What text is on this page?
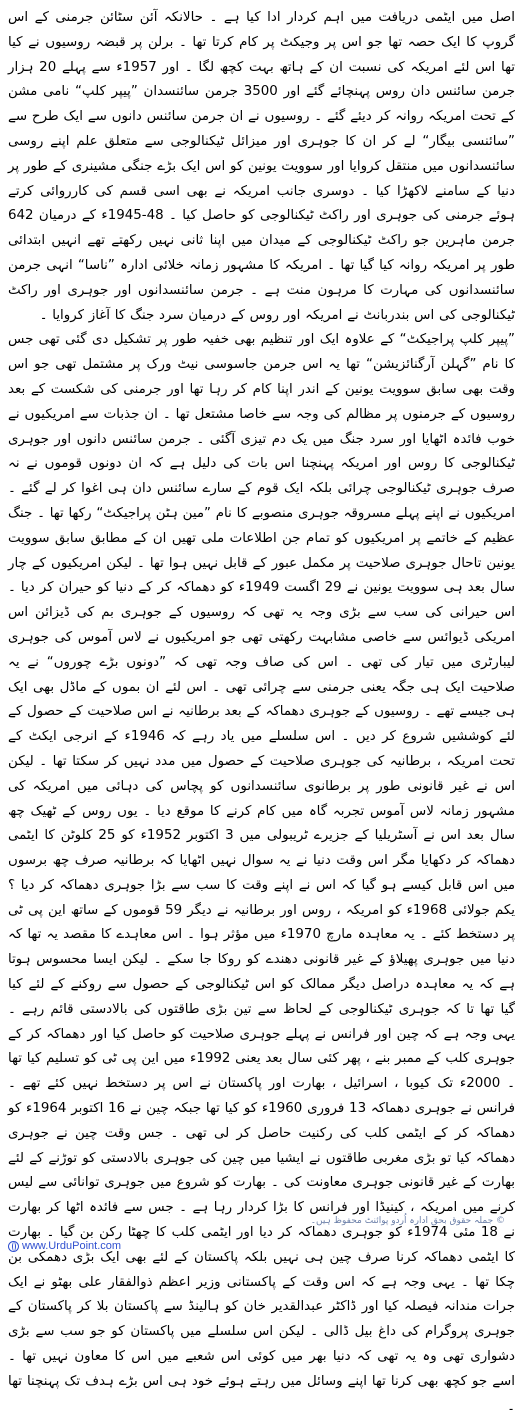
اصل میں ایٹمی دریافت میں اہم کردار ادا کیا ہے ۔ حالانکہ آئن سٹائن جرمنی کے اس گروپ کا ایک حصہ تھا جو اس پر وجیکٹ پر کام کرتا تھا ۔ برلن پر قبضہ روسیوں نے کیا تھا اس لئے امریکہ کی نسبت ان کے ہاتھ بہت کچھ لگا ۔ اور 1957ء سے پہلے 20 ہزار جرمن سائنس دان روس پہنچائے گئے اور 3500 جرمن سائنسدان ”پیپر کلپ“ نامی مشن کے تحت امریکہ روانہ کر دیئے گئے ۔ روسیوں نے ان جرمن سائنس دانوں سے ایک طرح سے ”سائنسی بیگار“ لے کر ان کا جوہری اور میزائل ٹیکنالوجی سے متعلق علم اپنے روسی سائنسدانوں میں منتقل کروایا اور سوویت یونین کو اس ایک بڑے جنگی مشینری کے طور پر دنیا کے سامنے لاکھڑا کیا ۔ دوسری جانب امریکہ نے بھی اسی قسم کی کارروائی کرتے ہوئے جرمنی کی جوہری اور راکٹ ٹیکنالوجی کو حاصل کیا ۔ 48-1945ء کے درمیان 642 جرمن ماہرین جو راکٹ ٹیکنالوجی کے میدان میں اپنا ثانی نہیں رکھتے تھے انہیں ابتدائی طور پر امریکہ روانہ کیا گیا تھا ۔ امریکہ کا مشہور زمانہ خلائی ادارہ ”ناسا“ انہی جرمن سائنسدانوں کی مہارت کا مرہون منت ہے ۔ جرمن سائنسدانوں اور جوہری اور راکٹ ٹیکنالوجی کی اس بندربانٹ نے امریکہ اور روس کے درمیان سرد جنگ کا آغاز کروایا ۔

”پیپر کلپ پراجیکٹ“ کے علاوہ ایک اور تنظیم بھی خفیہ طور پر تشکیل دی گئی تھی جس کا نام ”گہلن آرگنائزیشن“ تھا یہ اس جرمن جاسوسی نیٹ ورک پر مشتمل تھی جو اس وقت بھی سابق سوویت یونین کے اندر اپنا کام کر رہا تھا اور جرمنی کی شکست کے بعد روسیوں کے جرمنوں پر مظالم کی وجہ سے خاصا مشتعل تھا ۔ ان جذبات سے امریکیوں نے خوب فائدہ اٹھایا اور سرد جنگ میں یک دم تیزی آگئی ۔ جرمن سائنس دانوں اور جوہری ٹیکنالوجی کا روس اور امریکہ پہنچنا اس بات کی دلیل ہے کہ ان دونوں قوموں نے نہ صرف جوہری ٹیکنالوجی چرائی بلکہ ایک قوم کے سارے سائنس دان ہی اغوا کر لے گئے ۔ امریکیوں نے اپنے پہلے مسروقہ جوہری منصوبے کا نام ”مین ہٹن پراجیکٹ“ رکھا تھا ۔ جنگ عظیم کے خاتمے پر امریکیوں کو تمام جن اطلاعات ملی تھیں ان کے مطابق سابق سوویت یونین تاحال جوہری صلاحیت پر مکمل عبور کے قابل نہیں ہوا تھا ۔ لیکن امریکیوں کے چار سال بعد ہی سوویت یونین نے 29 اگست 1949ء کو دھماکہ کر کے دنیا کو حیران کر دیا ۔ اس حیرانی کی سب سے بڑی وجہ یہ تھی کہ روسیوں کے جوہری بم کی ڈیزائن اس امریکی ڈیوائس سے خاصی مشابہت رکھتی تھی جو امریکیوں نے لاس آموس کی جوہری لیبارٹری میں تیار کی تھی ۔ اس کی صاف وجہ تھی کہ ”دونوں بڑے چوروں“ نے یہ صلاحیت ایک ہی جگہ یعنی جرمنی سے چرائی تھی ۔ اس لئے ان بموں کے ماڈل بھی ایک ہی جیسے تھے ۔ روسیوں کے جوہری دھماکہ کے بعد برطانیہ نے اس صلاحیت کے حصول کے لئے کوششیں شروع کر دیں ۔ اس سلسلے میں یاد رہے کہ 1946ء کے انرجی ایکٹ کے تحت امریکہ ، برطانیہ کی جوہری صلاحیت کے حصول میں مدد نہیں کر سکتا تھا ۔ لیکن اس نے غیر قانونی طور پر برطانوی سائنسدانوں کو پچاس کی دہائی میں امریکہ کی مشہور زمانہ لاس آموس تجربہ گاہ میں کام کرنے کا موقع دیا ۔ یوں روس کے ٹھیک چھ سال بعد اس نے آسٹریلیا کے جزیرے ٹریبولی میں 3 اکتوبر 1952ء کو 25 کلوٹن کا ایٹمی دھماکہ کر دکھایا مگر اس وقت دنیا نے یہ سوال نہیں اٹھایا کہ برطانیہ صرف چھ برسوں میں اس قابل کیسے ہو گیا کہ اس نے اپنے وقت کا سب سے بڑا جوہری دھماکہ کر دیا ؟ یکم جولائی 1968ء کو امریکہ ، روس اور برطانیہ نے دیگر 59 قوموں کے ساتھ این پی ٹی پر دستخط کئے ۔ یہ معاہدہ مارچ 1970ء میں مؤثر ہوا ۔ اس معاہدے کا مقصد یہ تھا کہ دنیا میں جوہری پھیلاؤ کے غیر قانونی دھندے کو روکا جا سکے ۔ لیکن ایسا محسوس ہوتا ہے کہ یہ معاہدہ دراصل دیگر ممالک کو اس ٹیکنالوجی کے حصول سے روکنے کے لئے کیا گیا تھا تا کہ جوہری ٹیکنالوجی کے لحاظ سے تین بڑی طاقتوں کی بالادستی قائم رہے ۔ یہی وجہ ہے کہ چین اور فرانس نے پہلے جوہری صلاحیت کو حاصل کیا اور دھماکہ کر کے جوہری کلب کے ممبر بنے ، پھر کئی سال بعد یعنی 1992ء میں این پی ٹی کو تسلیم کیا تھا ۔ 2000ء تک کیوبا ، اسرائیل ، بھارت اور پاکستان نے اس پر دستخط نہیں کئے تھے ۔ فرانس نے جوہری دھماکہ 13 فروری 1960ء کو کیا تھا جبکہ چین نے 16 اکتوبر 1964ء کو دھماکہ کر کے ایٹمی کلب کی رکنیت حاصل کر لی تھی ۔ جس وقت چین نے جوہری دھماکہ کیا تو بڑی مغربی طاقتوں نے ایشیا میں چین کی جوہری بالادستی کو توڑنے کے لئے بھارت کے غیر قانونی جوہری معاونت کی ۔ بھارت کو شروع میں جوہری توانائی سے لیس کرنے میں امریکہ ، کینیڈا اور فرانس کا بڑا کردار رہا ہے ۔ جس سے فائدہ اٹھا کر بھارت نے 18 مئی 1974ء کو جوہری دھماکہ کر دیا اور ایٹمی کلب کا چھٹا رکن بن گیا ۔ بھارت کا ایٹمی دھماکہ کرنا صرف چین ہی نہیں بلکہ پاکستان کے لئے بھی ایک بڑی دھمکی بن چکا تھا ۔ یہی وجہ ہے کہ اس وقت کے پاکستانی وزیر اعظم ذوالفقار علی بھٹو نے ایک جرات مندانہ فیصلہ کیا اور ڈاکٹر عبدالقدیر خان کو ہالینڈ سے پاکستان بلا کر پاکستان کے جوہری پروگرام کی داغ بیل ڈالی ۔ لیکن اس سلسلے میں پاکستان کو جو سب سے بڑی دشواری تھی وہ یہ تھی کہ دنیا بھر میں کوئی اس شعبے میں اس کا معاون نہیں تھا ۔ اسے جو کچھ بھی کرنا تھا اپنے وسائل میں رہتے ہوئے خود ہی اس بڑے ہدف تک پہنچنا تھا ۔

www.UrduPoint.com
© جملہ حقوق بحق ادارہ اُردو پوائنٹ محفوظ ہیں۔
